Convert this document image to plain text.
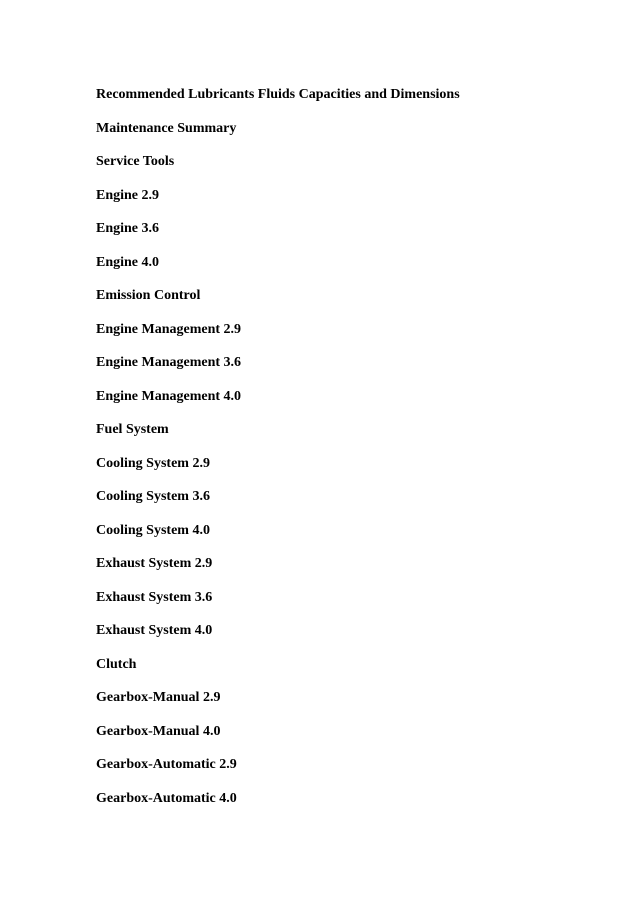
Recommended Lubricants Fluids Capacities and Dimensions
Maintenance Summary
Service Tools
Engine 2.9
Engine 3.6
Engine 4.0
Emission Control
Engine Management 2.9
Engine Management 3.6
Engine Management 4.0
Fuel System
Cooling System 2.9
Cooling System 3.6
Cooling System 4.0
Exhaust System 2.9
Exhaust System 3.6
Exhaust System 4.0
Clutch
Gearbox-Manual 2.9
Gearbox-Manual 4.0
Gearbox-Automatic 2.9
Gearbox-Automatic 4.0
